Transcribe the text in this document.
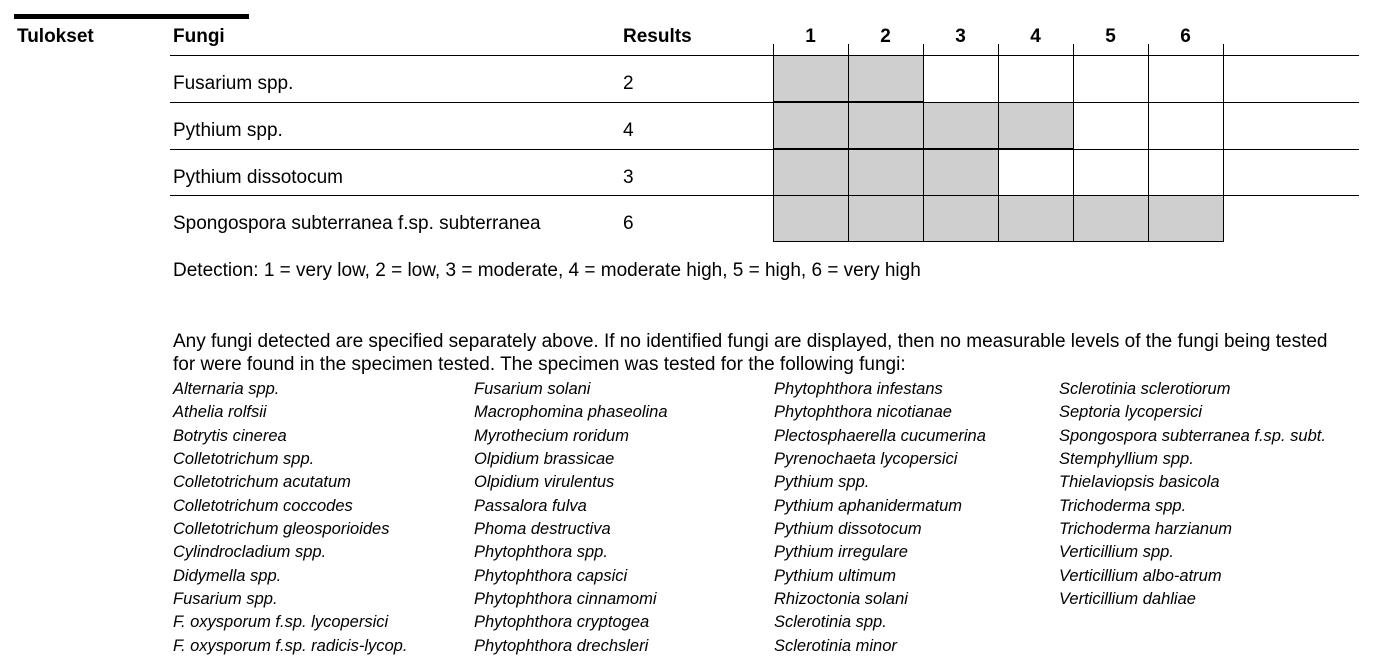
Tulokset	Fungi	Results	1	2	3	4	5	6
Fusarium spp.	2
Pythium spp.	4
Pythium dissotocum	3
Spongospora subterranea f.sp. subterranea	6
Detection: 1 = very low, 2 = low, 3 = moderate, 4 = moderate high, 5 = high, 6 = very high
Any fungi detected are specified separately above. If no identified fungi are displayed, then no measurable levels of the fungi being tested for were found in the specimen tested. The specimen was tested for the following fungi:
Alternaria spp.
Athelia rolfsii
Botrytis cinerea
Colletotrichum spp.
Colletotrichum acutatum
Colletotrichum coccodes
Colletotrichum gleosporioides
Cylindrocladium spp.
Didymella spp.
Fusarium spp.
F. oxysporum f.sp. lycopersici
F. oxysporum f.sp. radicis-lycop.
Fusarium solani
Macrophomina phaseolina
Myrothecium roridum
Olpidium brassicae
Olpidium virulentus
Passalora fulva
Phoma destructiva
Phytophthora spp.
Phytophthora capsici
Phytophthora cinnamomi
Phytophthora cryptogea
Phytophthora drechsleri
Phytophthora infestans
Phytophthora nicotianae
Plectosphaerella cucumerina
Pyrenochaeta lycopersici
Pythium spp.
Pythium aphanidermatum
Pythium dissotocum
Pythium irregulare
Pythium ultimum
Rhizoctonia solani
Sclerotinia spp.
Sclerotinia minor
Sclerotinia sclerotiorum
Septoria lycopersici
Spongospora subterranea f.sp. subt.
Stemphyllium spp.
Thielaviopsis basicola
Trichoderma spp.
Trichoderma harzianum
Verticillium spp.
Verticillium albo-atrum
Verticillium dahliae
